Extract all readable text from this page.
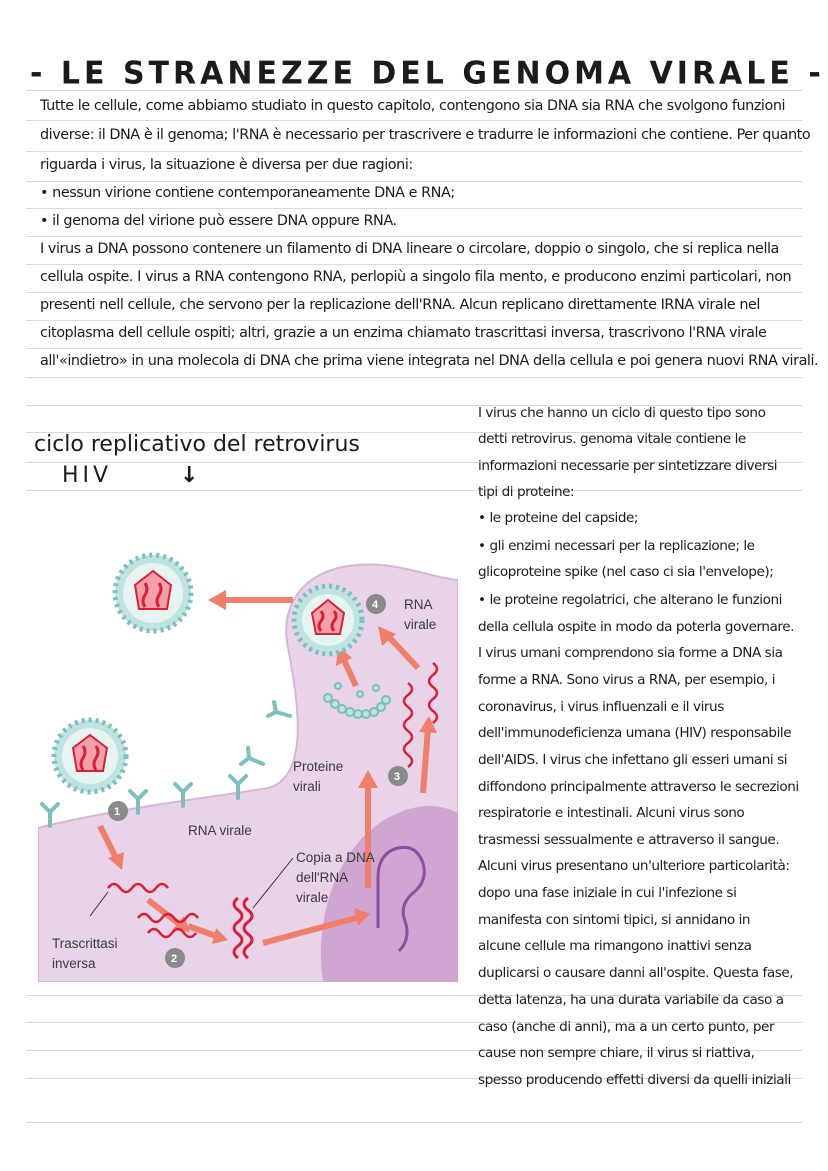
- LE STRANEZZE DEL GENOMA VIRALE -
Tutte le cellule, come abbiamo studiato in questo capitolo, contengono sia DNA sia RNA che svolgono funzioni
diverse: il DNA è il genoma; l'RNA è necessario per trascrivere e tradurre le informazioni che contiene. Per quanto
riguarda i virus, la situazione è diversa per due ragioni:
• nessun virione contiene contemporaneamente DNA e RNA;
• il genoma del virione può essere DNA oppure RNA.
I virus a DNA possono contenere un filamento di DNA lineare o circolare, doppio o singolo, che si replica nella
cellula ospite. I virus a RNA contengono RNA, perlopiù a singolo fila mento, e producono enzimi particolari, non
presenti nell cellule, che servono per la replicazione dell'RNA. Alcun replicano direttamente IRNA virale nel
citoplasma dell cellule ospiti; altri, grazie a un enzima chiamato trascrittasi inversa, trascrivono l'RNA virale
all'«indietro» in una molecola di DNA che prima viene integrata nel DNA della cellula e poi genera nuovi RNA virali.
ciclo replicativo del retrovirus
HIV	↓
1
2
3
4 RNA
virale
Proteine
virali
RNA virale
Copia a DNA
dell'RNA
virale
Trascrittasi
inversa
I virus che hanno un ciclo di questo tipo sono
detti retrovirus. genoma vitale contiene le
informazioni necessarie per sintetizzare diversi
tipi di proteine:
• le proteine del capside;
• gli enzimi necessari per la replicazione; le
glicoproteine spike (nel caso ci sia l'envelope);
• le proteine regolatrici, che alterano le funzioni
della cellula ospite in modo da poterla governare.
I virus umani comprendono sia forme a DNA sia
forme a RNA. Sono virus a RNA, per esempio, i
coronavirus, i virus influenzali e il virus
dell'immunodeficienza umana (HIV) responsabile
dell'AIDS. I virus che infettano gli esseri umani si
diffondono principalmente attraverso le secrezioni
respiratorie e intestinali. Alcuni virus sono
trasmessi sessualmente e attraverso il sangue.
Alcuni virus presentano un'ulteriore particolarità:
dopo una fase iniziale in cui l'infezione si
manifesta con sintomi tipici, si annidano in
alcune cellule ma rimangono inattivi senza
duplicarsi o causare danni all'ospite. Questa fase,
detta latenza, ha una durata variabile da caso a
caso (anche di anni), ma a un certo punto, per
cause non sempre chiare, il virus si riattiva,
spesso producendo effetti diversi da quelli iniziali
